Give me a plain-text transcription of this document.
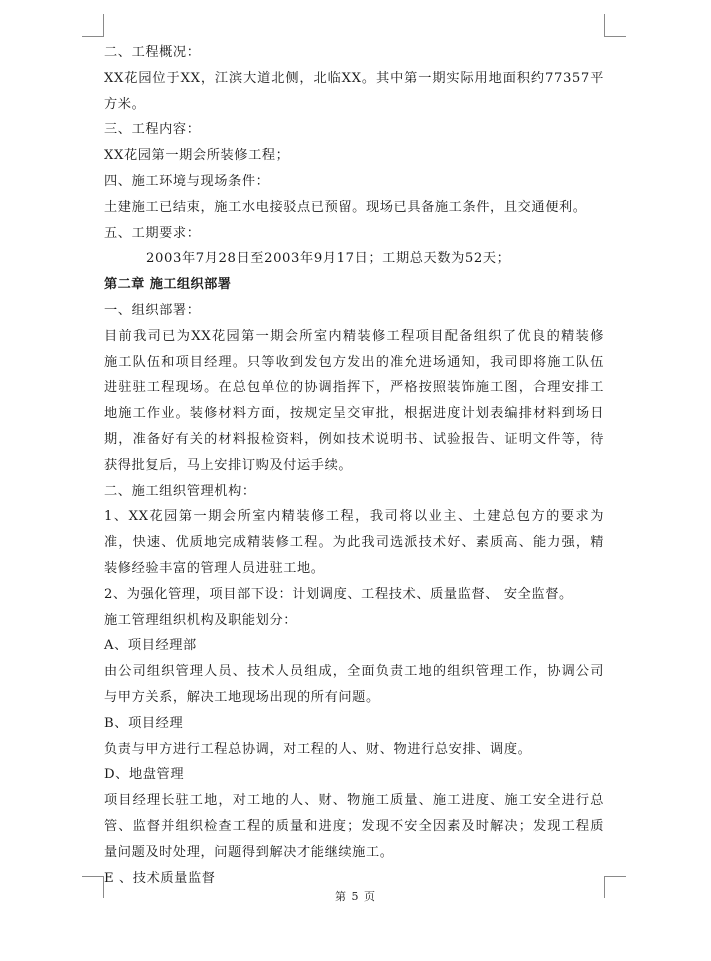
二、工程概况：
XX花园位于XX，江滨大道北侧，北临XX。其中第一期实际用地面积约77357平
方米。
三、工程内容：
XX花园第一期会所装修工程；
四、施工环境与现场条件：
土建施工已结束，施工水电接驳点已预留。现场已具备施工条件，且交通便利。
五、工期要求：
2003年7月28日至2003年9月17日；工期总天数为52天；
第二章 施工组织部署
一、组织部署：
目前我司已为XX花园第一期会所室内精装修工程项目配备组织了优良的精装修
施工队伍和项目经理。只等收到发包方发出的准允进场通知，我司即将施工队伍
进驻驻工程现场。在总包单位的协调指挥下，严格按照装饰施工图，合理安排工
地施工作业。装修材料方面，按规定呈交审批，根据进度计划表编排材料到场日
期，准备好有关的材料报检资料，例如技术说明书、试验报告、证明文件等，待
获得批复后，马上安排订购及付运手续。
二、施工组织管理机构：
1、XX花园第一期会所室内精装修工程，我司将以业主、土建总包方的要求为
准，快速、优质地完成精装修工程。为此我司选派技术好、素质高、能力强，精
装修经验丰富的管理人员进驻工地。
2、为强化管理，项目部下设：计划调度、工程技术、质量监督、 安全监督。
施工管理组织机构及职能划分：
A、项目经理部
由公司组织管理人员、技术人员组成，全面负责工地的组织管理工作，协调公司
与甲方关系，解决工地现场出现的所有问题。
B、项目经理
负责与甲方进行工程总协调，对工程的人、财、物进行总安排、调度。
D、地盘管理
项目经理长驻工地，对工地的人、财、物施工质量、施工进度、施工安全进行总
管、监督并组织检查工程的质量和进度；发现不安全因素及时解决；发现工程质
量问题及时处理，问题得到解决才能继续施工。
E 、技术质量监督
第 5 页
